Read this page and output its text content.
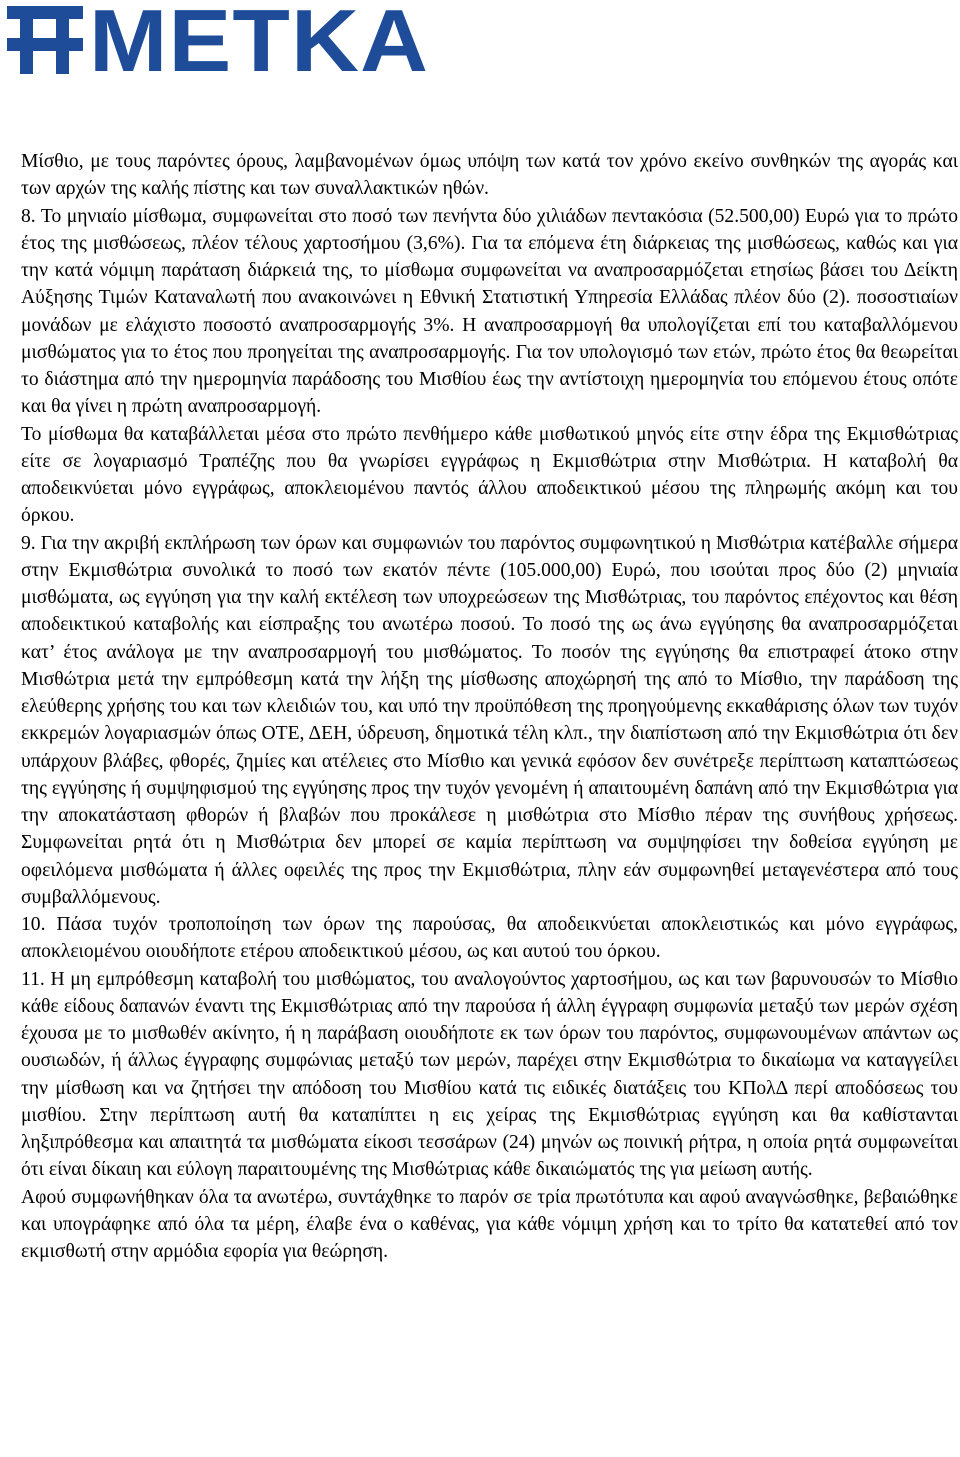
METKA

Μίσθιο, με τους παρόντες όρους, λαμβανομένων όμως υπόψη των κατά τον χρόνο εκείνο συνθηκών της αγοράς και των αρχών της καλής πίστης και των συναλλακτικών ηθών.

8. Το μηνιαίο μίσθωμα, συμφωνείται στο ποσό των πενήντα δύο χιλιάδων πεντακόσια (52.500,00) Ευρώ για το πρώτο έτος της μισθώσεως, πλέον τέλους χαρτοσήμου (3,6%). Για τα επόμενα έτη διάρκειας της μισθώσεως, καθώς και για την κατά νόμιμη παράταση διάρκειά της, το μίσθωμα συμφωνείται να αναπροσαρμόζεται ετησίως βάσει του Δείκτη Αύξησης Τιμών Καταναλωτή που ανακοινώνει η Εθνική Στατιστική Υπηρεσία Ελλάδας πλέον δύο (2). ποσοστιαίων μονάδων με ελάχιστο ποσοστό αναπροσαρμογής 3%. Η αναπροσαρμογή θα υπολογίζεται επί του καταβαλλόμενου μισθώματος για το έτος που προηγείται της αναπροσαρμογής. Για τον υπολογισμό των ετών, πρώτο έτος θα θεωρείται το διάστημα από την ημερομηνία παράδοσης του Μισθίου έως την αντίστοιχη ημερομηνία του επόμενου έτους οπότε και θα γίνει η πρώτη αναπροσαρμογή.

Το μίσθωμα θα καταβάλλεται μέσα στο πρώτο πενθήμερο κάθε μισθωτικού μηνός είτε στην έδρα της Εκμισθώτριας είτε σε λογαριασμό Τραπέζης που θα γνωρίσει εγγράφως η Εκμισθώτρια στην Μισθώτρια. Η καταβολή θα αποδεικνύεται μόνο εγγράφως, αποκλειομένου παντός άλλου αποδεικτικού μέσου της πληρωμής ακόμη και του όρκου.

9. Για την ακριβή εκπλήρωση των όρων και συμφωνιών του παρόντος συμφωνητικού η Μισθώτρια κατέβαλλε σήμερα στην Εκμισθώτρια συνολικά το ποσό των εκατόν πέντε (105.000,00) Ευρώ, που ισούται προς δύο (2) μηνιαία μισθώματα, ως εγγύηση για την καλή εκτέλεση των υποχρεώσεων της Μισθώτριας, του παρόντος επέχοντος και θέση αποδεικτικού καταβολής και είσπραξης του ανωτέρω ποσού. Το ποσό της ως άνω εγγύησης θα αναπροσαρμόζεται κατ’ έτος ανάλογα με την αναπροσαρμογή του μισθώματος. Το ποσόν της εγγύησης θα επιστραφεί άτοκο στην Μισθώτρια μετά την εμπρόθεσμη κατά την λήξη της μίσθωσης αποχώρησή της από το Μίσθιο, την παράδοση της ελεύθερης χρήσης του και των κλειδιών του, και υπό την προϋπόθεση της προηγούμενης εκκαθάρισης όλων των τυχόν εκκρεμών λογαριασμών όπως ΟΤΕ, ΔΕΗ, ύδρευση, δημοτικά τέλη κλπ., την διαπίστωση από την Εκμισθώτρια ότι δεν υπάρχουν βλάβες, φθορές, ζημίες και ατέλειες στο Μίσθιο και γενικά εφόσον δεν συνέτρεξε περίπτωση καταπτώσεως της εγγύησης ή συμψηφισμού της εγγύησης προς την τυχόν γενομένη ή απαιτουμένη δαπάνη από την Εκμισθώτρια για την αποκατάσταση φθορών ή βλαβών που προκάλεσε η μισθώτρια στο Μίσθιο πέραν της συνήθους χρήσεως. Συμφωνείται ρητά ότι η Μισθώτρια δεν μπορεί σε καμία περίπτωση να συμψηφίσει την δοθείσα εγγύηση με οφειλόμενα μισθώματα ή άλλες οφειλές της προς την Εκμισθώτρια, πλην εάν συμφωνηθεί μεταγενέστερα από τους συμβαλλόμενους.

10. Πάσα τυχόν τροποποίηση των όρων της παρούσας, θα αποδεικνύεται αποκλειστικώς και μόνο εγγράφως, αποκλειομένου οιουδήποτε ετέρου αποδεικτικού μέσου, ως και αυτού του όρκου.

11. Η μη εμπρόθεσμη καταβολή του μισθώματος, του αναλογούντος χαρτοσήμου, ως και των βαρυνουσών το Μίσθιο κάθε είδους δαπανών έναντι της Εκμισθώτριας από την παρούσα ή άλλη έγγραφη συμφωνία μεταξύ των μερών σχέση έχουσα με το μισθωθέν ακίνητο, ή η παράβαση οιουδήποτε εκ των όρων του παρόντος, συμφωνουμένων απάντων ως ουσιωδών, ή άλλως έγγραφης συμφώνιας μεταξύ των μερών, παρέχει στην Εκμισθώτρια το δικαίωμα να καταγγείλει την μίσθωση και να ζητήσει την απόδοση του Μισθίου κατά τις ειδικές διατάξεις του ΚΠολΔ περί αποδόσεως του μισθίου. Στην περίπτωση αυτή θα καταπίπτει η εις χείρας της Εκμισθώτριας εγγύηση και θα καθίστανται ληξιπρόθεσμα και απαιτητά τα μισθώματα είκοσι τεσσάρων (24) μηνών ως ποινική ρήτρα, η οποία ρητά συμφωνείται ότι είναι δίκαιη και εύλογη παραιτουμένης της Μισθώτριας κάθε δικαιώματός της για μείωση αυτής.

Αφού συμφωνήθηκαν όλα τα ανωτέρω, συντάχθηκε το παρόν σε τρία πρωτότυπα και αφού αναγνώσθηκε, βεβαιώθηκε και υπογράφηκε από όλα τα μέρη, έλαβε ένα ο καθένας, για κάθε νόμιμη χρήση και το τρίτο θα κατατεθεί από τον εκμισθωτή στην αρμόδια εφορία για θεώρηση.
